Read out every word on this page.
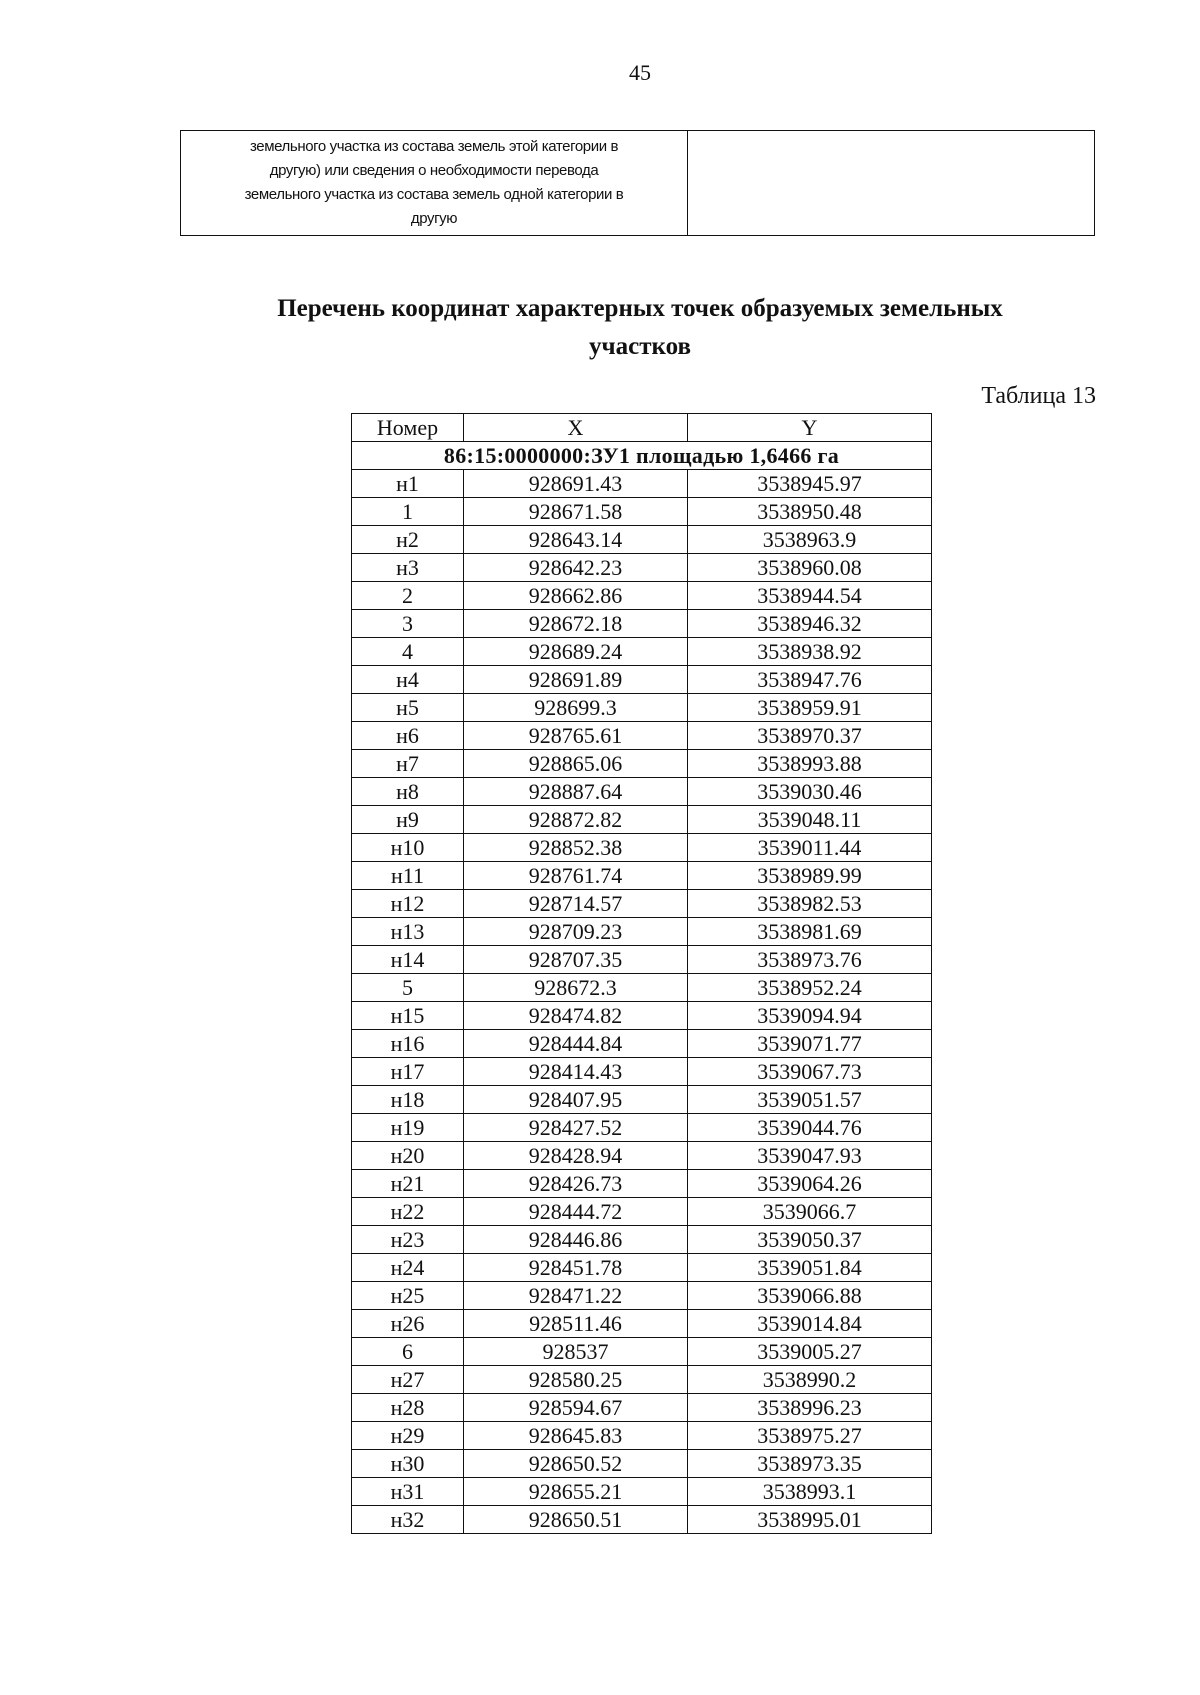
45
земельного участка из состава земель этой категории в
другую) или сведения о необходимости перевода
земельного участка из состава земель одной категории в
другую

Перечень координат характерных точек образуемых земельных
участков
Таблица 13
Номер	X	Y
86:15:0000000:ЗУ1 площадью 1,6466 га		
н1	928691.43	3538945.97
1	928671.58	3538950.48
н2	928643.14	3538963.9
н3	928642.23	3538960.08
2	928662.86	3538944.54
3	928672.18	3538946.32
4	928689.24	3538938.92
н4	928691.89	3538947.76
н5	928699.3	3538959.91
н6	928765.61	3538970.37
н7	928865.06	3538993.88
н8	928887.64	3539030.46
н9	928872.82	3539048.11
н10	928852.38	3539011.44
н11	928761.74	3538989.99
н12	928714.57	3538982.53
н13	928709.23	3538981.69
н14	928707.35	3538973.76
5	928672.3	3538952.24
н15	928474.82	3539094.94
н16	928444.84	3539071.77
н17	928414.43	3539067.73
н18	928407.95	3539051.57
н19	928427.52	3539044.76
н20	928428.94	3539047.93
н21	928426.73	3539064.26
н22	928444.72	3539066.7
н23	928446.86	3539050.37
н24	928451.78	3539051.84
н25	928471.22	3539066.88
н26	928511.46	3539014.84
6	928537	3539005.27
н27	928580.25	3538990.2
н28	928594.67	3538996.23
н29	928645.83	3538975.27
н30	928650.52	3538973.35
н31	928655.21	3538993.1
н32	928650.51	3538995.01
